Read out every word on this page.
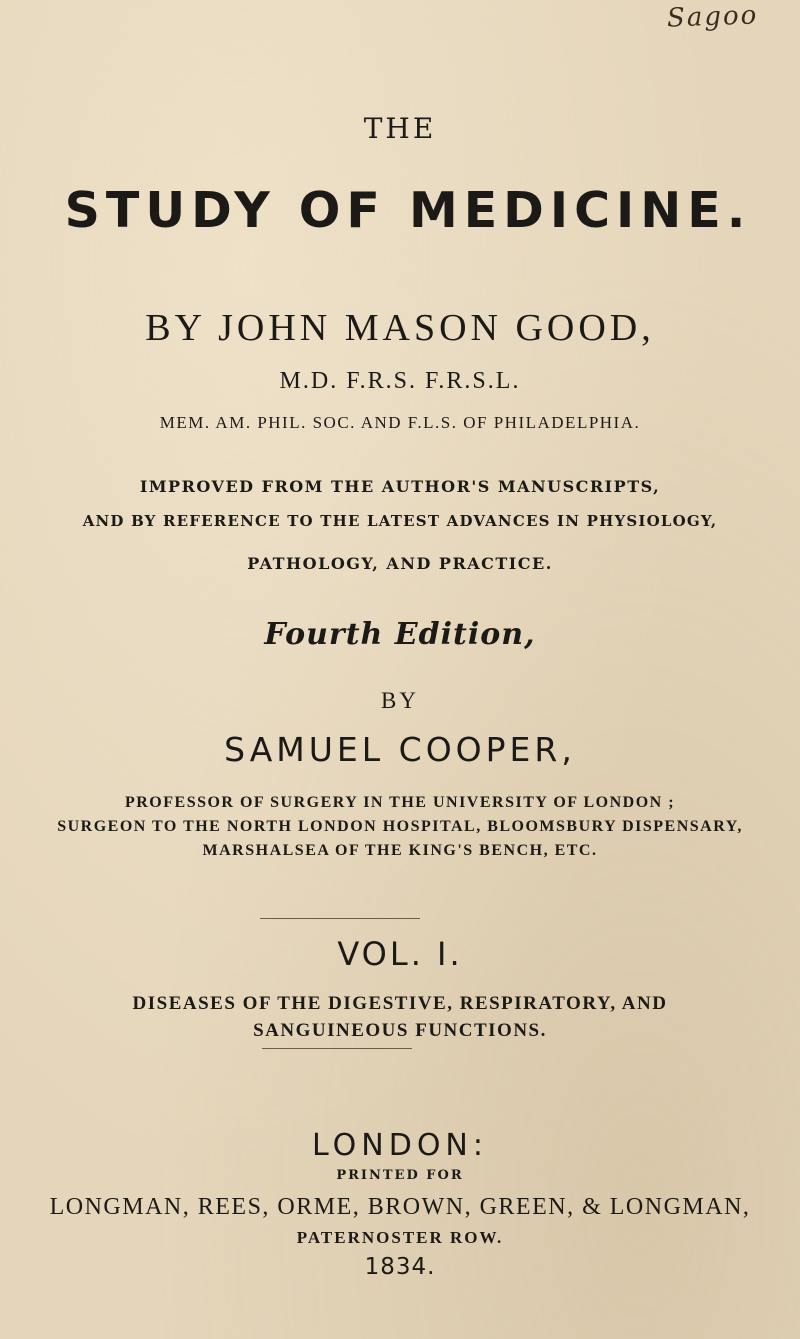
Sagoo
THE
STUDY OF MEDICINE.
BY JOHN MASON GOOD,
M.D. F.R.S. F.R.S.L.
MEM. AM. PHIL. SOC. AND F.L.S. OF PHILADELPHIA.
IMPROVED FROM THE AUTHOR'S MANUSCRIPTS,
AND BY REFERENCE TO THE LATEST ADVANCES IN PHYSIOLOGY,
PATHOLOGY, AND PRACTICE.
Fourth Edition,
BY
SAMUEL COOPER,
PROFESSOR OF SURGERY IN THE UNIVERSITY OF LONDON ;
SURGEON TO THE NORTH LONDON HOSPITAL, BLOOMSBURY DISPENSARY,
MARSHALSEA OF THE KING'S BENCH, ETC.
VOL. I.
DISEASES OF THE DIGESTIVE, RESPIRATORY, AND
SANGUINEOUS FUNCTIONS.
LONDON:
PRINTED FOR
LONGMAN, REES, ORME, BROWN, GREEN, & LONGMAN,
PATERNOSTER ROW.
1834.
